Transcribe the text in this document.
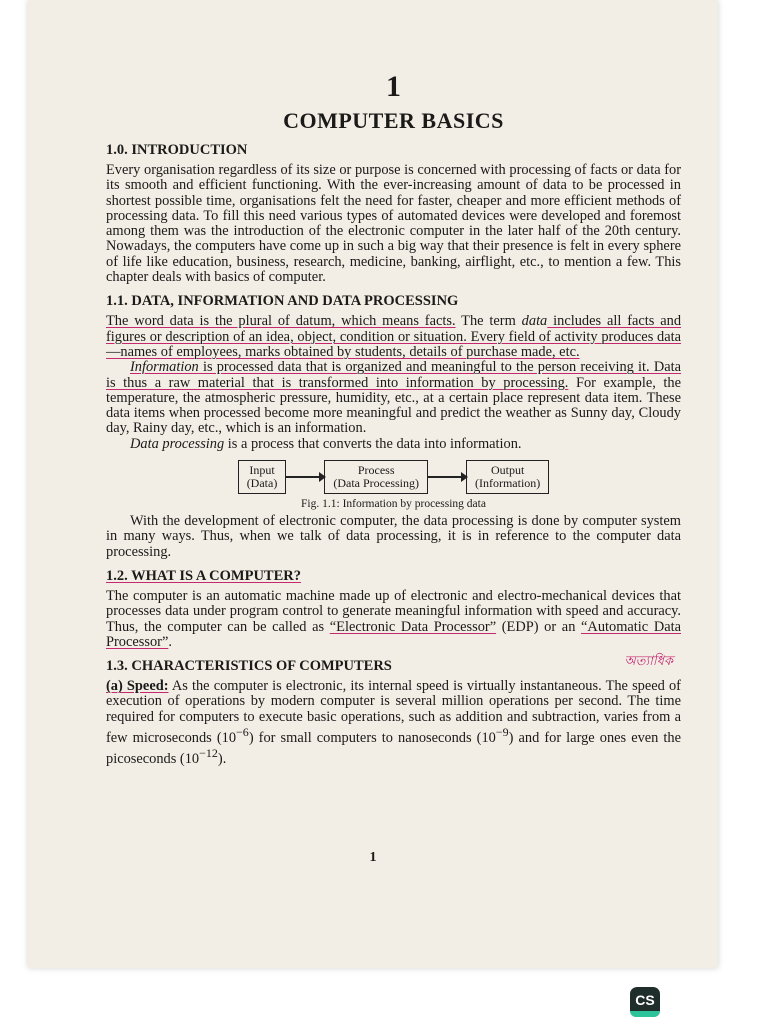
1
COMPUTER BASICS
1.0. INTRODUCTION

Every organisation regardless of its size or purpose is concerned with processing of facts or data for its smooth and efficient functioning. With the ever-increasing amount of data to be processed in shortest possible time, organisations felt the need for faster, cheaper and more efficient methods of processing data. To fill this need various types of automated devices were developed and foremost among them was the introduction of the electronic computer in the later half of the 20th century. Nowadays, the computers have come up in such a big way that their presence is felt in every sphere of life like education, business, research, medicine, banking, airflight, etc., to mention a few. This chapter deals with basics of computer.

1.1. DATA, INFORMATION AND DATA PROCESSING

The word data is the plural of datum, which means facts. The term data includes all facts and figures or description of an idea, object, condition or situation. Every field of activity produces data—names of employees, marks obtained by students, details of purchase made, etc.

Information is processed data that is organized and meaningful to the person receiving it. Data is thus a raw material that is transformed into information by processing. For example, the temperature, the atmospheric pressure, humidity, etc., at a certain place represent data item. These data items when processed become more meaningful and predict the weather as Sunny day, Cloudy day, Rainy day, etc., which is an information.

Data processing is a process that converts the data into information.

Input
(Data)
Process
(Data Processing)
Output
(Information)
Fig. 1.1: Information by processing data

With the development of electronic computer, the data processing is done by computer system in many ways. Thus, when we talk of data processing, it is in reference to the computer data processing.

1.2. WHAT IS A COMPUTER?

The computer is an automatic machine made up of electronic and electro-mechanical devices that processes data under program control to generate meaningful information with speed and accuracy. Thus, the computer can be called as “Electronic Data Processor” (EDP) or an “Automatic Data Processor”.

1.3. CHARACTERISTICS OF COMPUTERS	অত্যাধিক

(a) Speed: As the computer is electronic, its internal speed is virtually instantaneous. The speed of execution of operations by modern computer is several million operations per second. The time required for computers to execute basic operations, such as addition and subtraction, varies from a few microseconds $(10^{-6})$ for small computers to nanoseconds $(10^{-9})$ and for large ones even the picoseconds $(10^{-12})$.

1
CS
